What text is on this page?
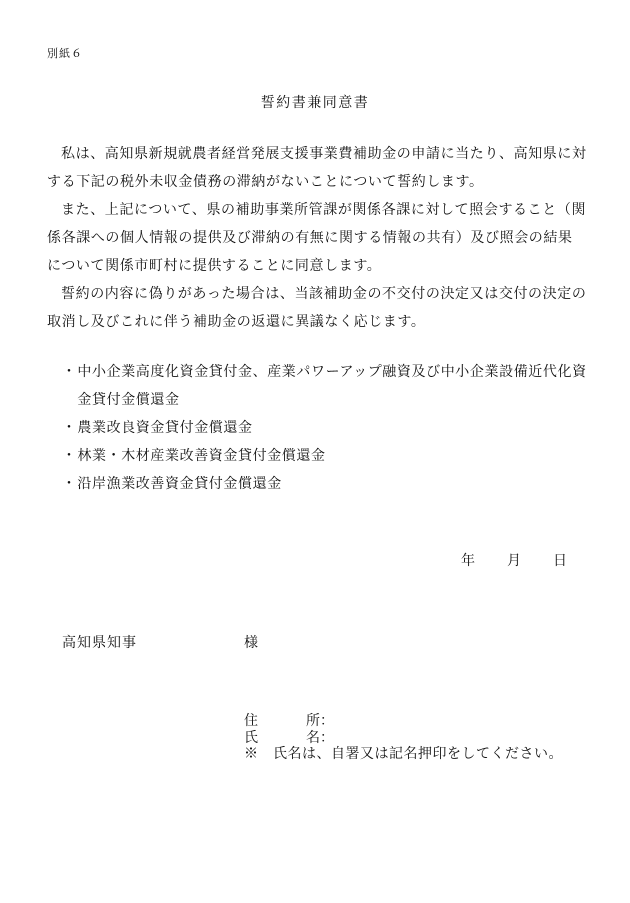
別紙６
誓約書兼同意書

私は、高知県新規就農者経営発展支援事業費補助金の申請に当たり、高知県に対する下記の税外未収金債務の滞納がないことについて誓約します。

また、上記について、県の補助事業所管課が関係各課に対して照会すること（関係各課への個人情報の提供及び滞納の有無に関する情報の共有）及び照会の結果について関係市町村に提供することに同意します。

誓約の内容に偽りがあった場合は、当該補助金の不交付の決定又は交付の決定の取消し及びこれに伴う補助金の返還に異議なく応じます。

・ 中小企業高度化資金貸付金、産業パワーアップ融資及び中小企業設備近代化資金貸付金償還金
・ 農業改良資金貸付金償還金
・ 林業・木材産業改善資金貸付金償還金
・ 沿岸漁業改善資金貸付金償還金
年 月 日
高知県知事	様
住	所：
氏	名：
※　氏名は、自署又は記名押印をしてください。
